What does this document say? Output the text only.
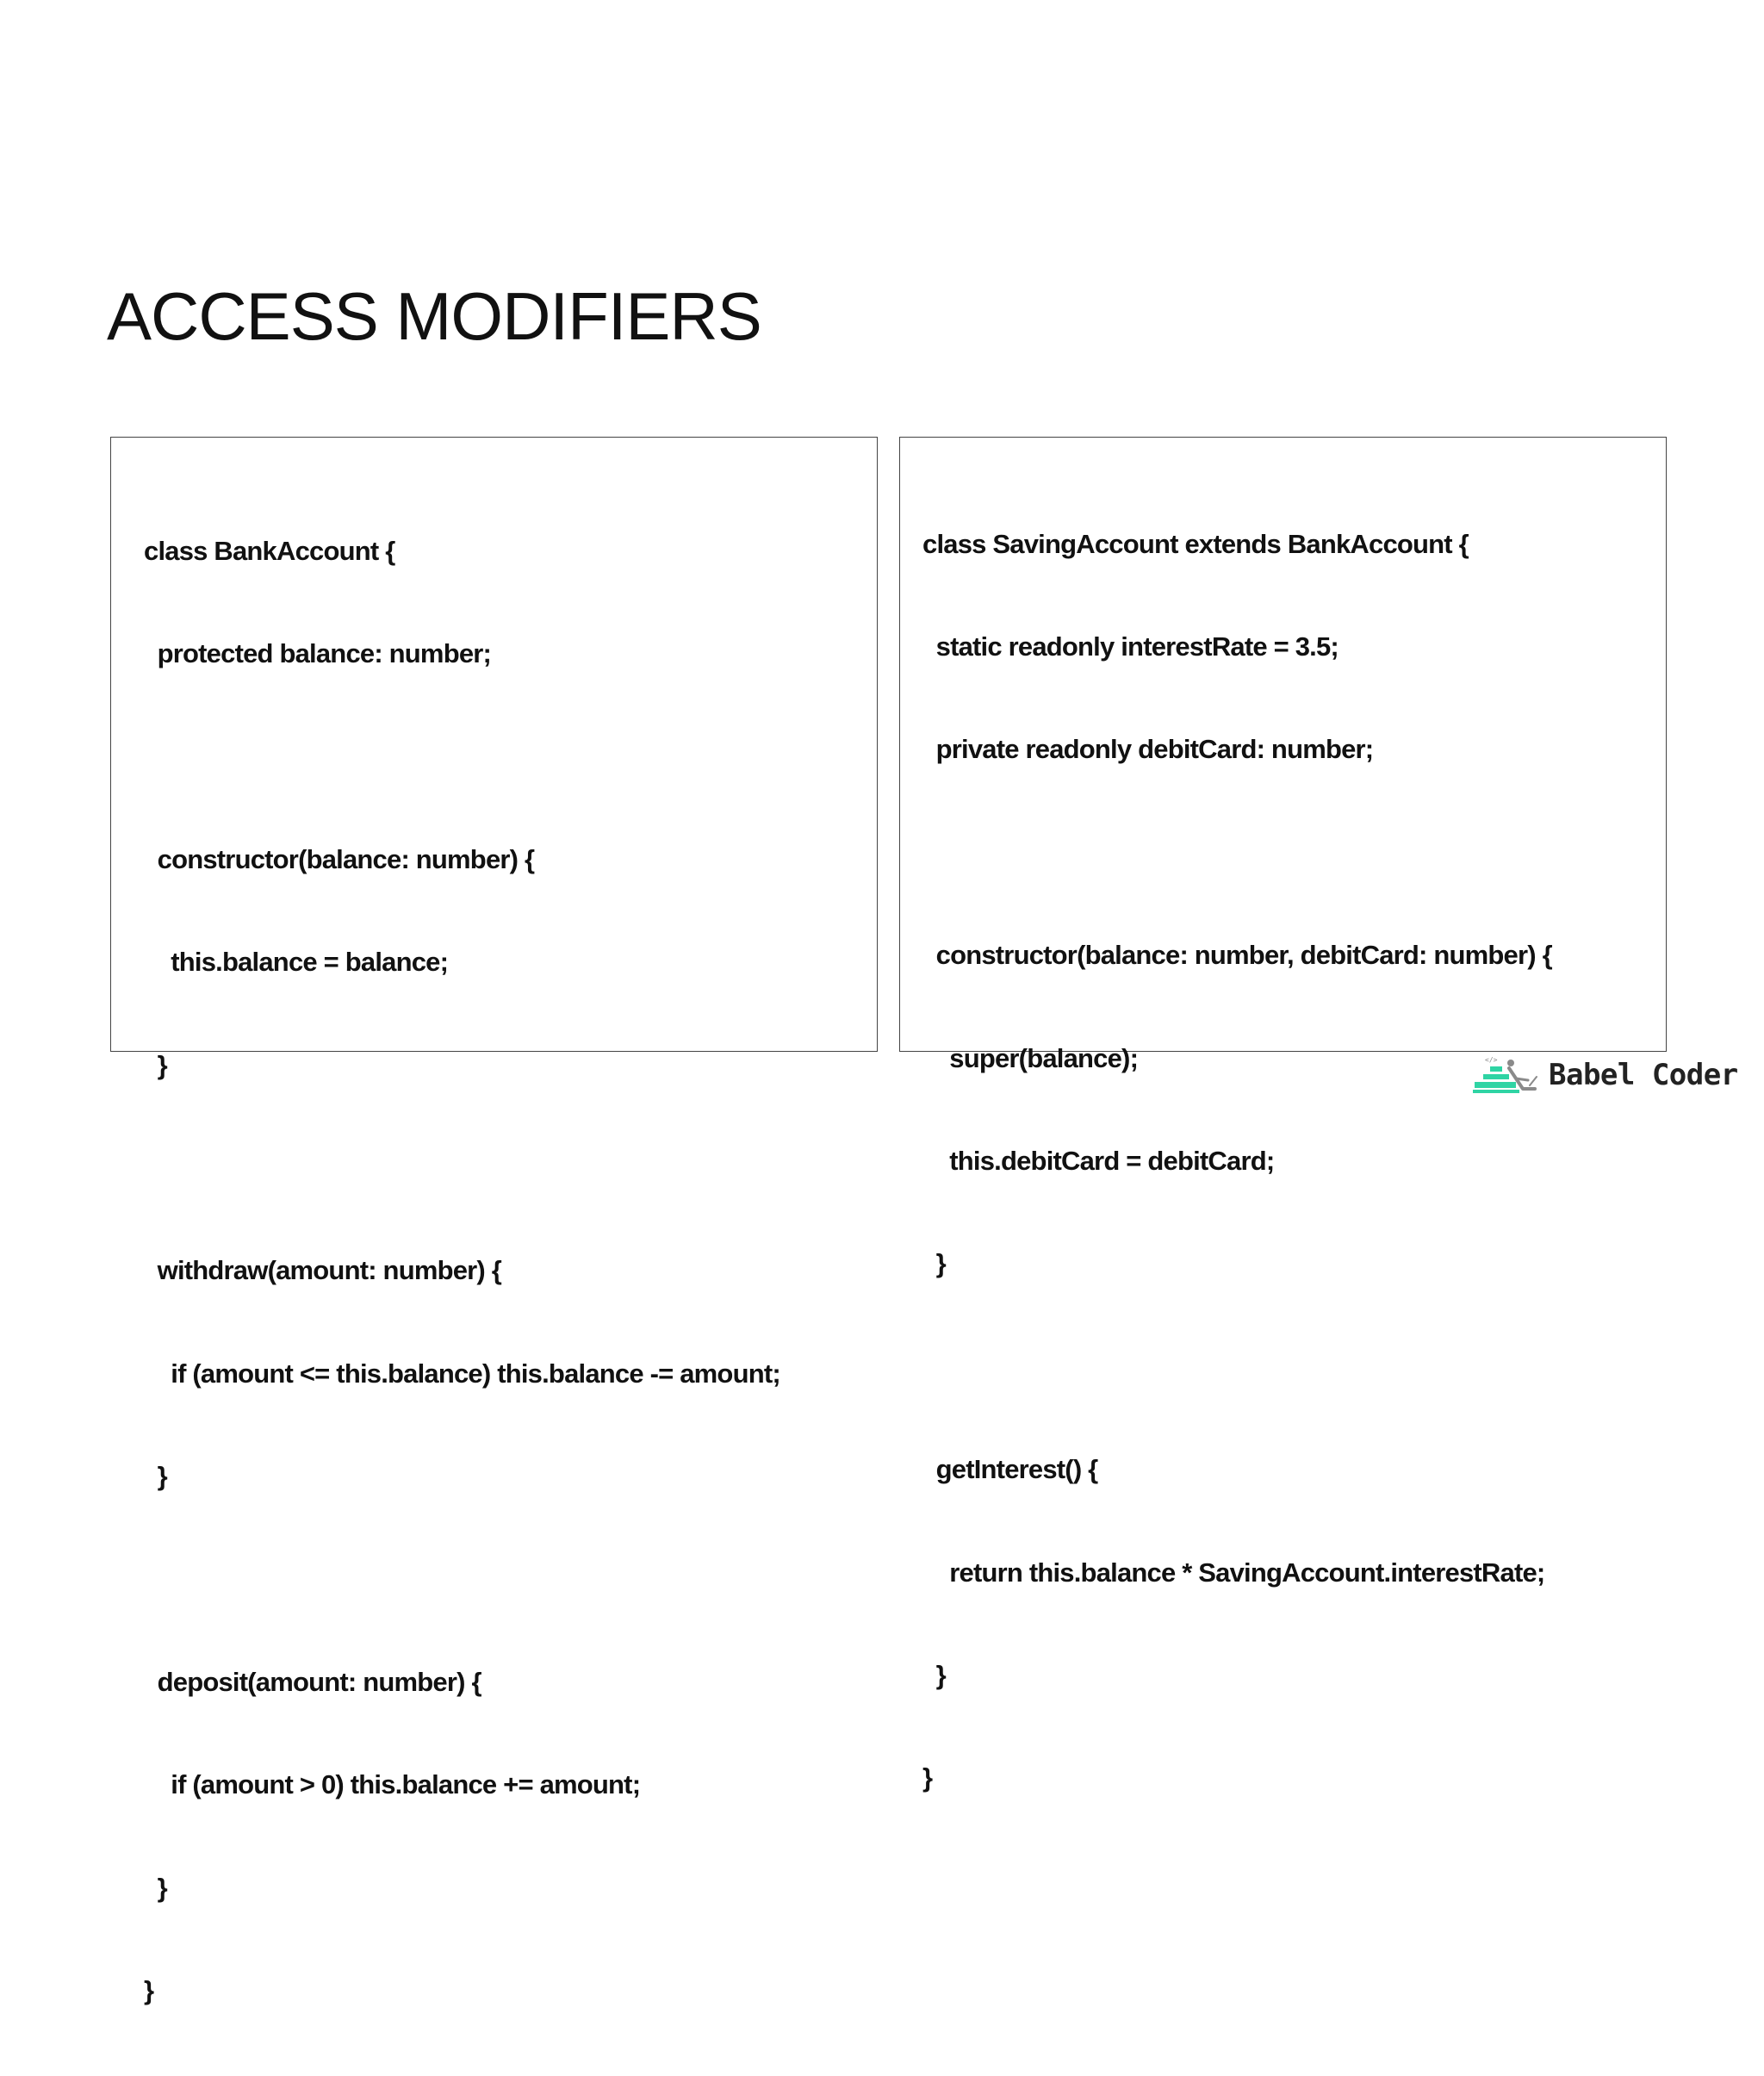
ACCESS MODIFIERS

class BankAccount {

protected balance: number;

constructor(balance: number) {

this.balance = balance;

}

withdraw(amount: number) {

if (amount <= this.balance) this.balance -= amount;

}

deposit(amount: number) {

if (amount > 0) this.balance += amount;

}

}

class SavingAccount extends BankAccount {

static readonly interestRate = 3.5;

private readonly debitCard: number;

constructor(balance: number, debitCard: number) {

super(balance);

this.debitCard = debitCard;

}

getInterest() {

return this.balance * SavingAccount.interestRate;

}

}

</> Babel Coder
